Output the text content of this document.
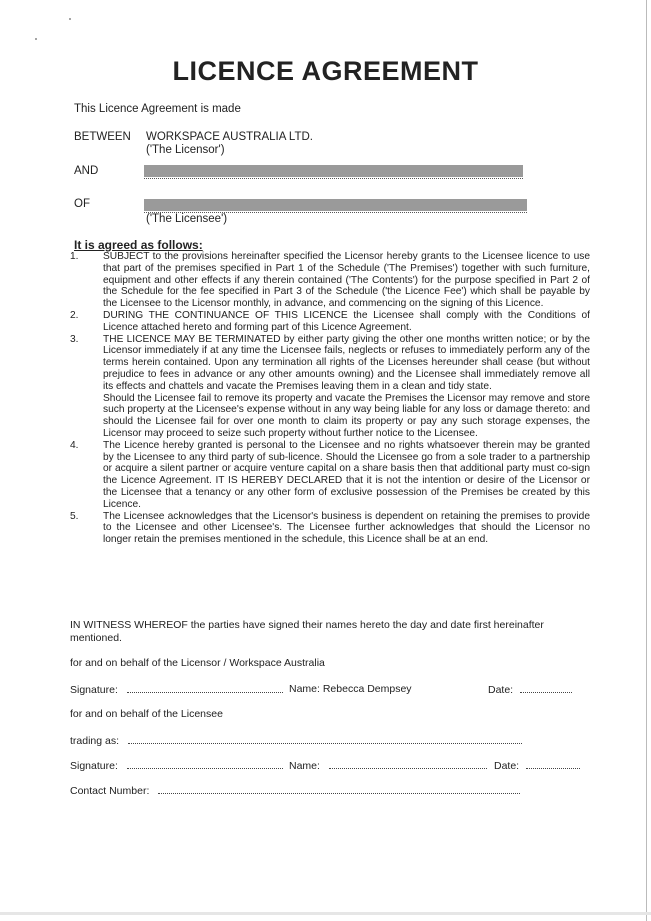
LICENCE AGREEMENT
This Licence Agreement is made
BETWEEN WORKSPACE AUSTRALIA LTD.
('The Licensor')
AND
OF
('The Licensee')
It is agreed as follows:
1. SUBJECT to the provisions hereinafter specified the Licensor hereby grants to the Licensee licence to use that part of the premises specified in Part 1 of the Schedule ('The Premises') together with such furniture, equipment and other effects if any therein contained ('The Contents') for the purpose specified in Part 2 of the Schedule for the fee specified in Part 3 of the Schedule ('the Licence Fee') which shall be payable by the Licensee to the Licensor monthly, in advance, and commencing on the signing of this Licence.

2. DURING THE CONTINUANCE OF THIS LICENCE the Licensee shall comply with the Conditions of Licence attached hereto and forming part of this Licence Agreement.

3. THE LICENCE MAY BE TERMINATED by either party giving the other one months written notice; or by the Licensor immediately if at any time the Licensee fails, neglects or refuses to immediately perform any of the terms herein contained. Upon any termination all rights of the Licenses hereunder shall cease (but without prejudice to fees in advance or any other amounts owning) and the Licensee shall immediately remove all its effects and chattels and vacate the Premises leaving them in a clean and tidy state.

Should the Licensee fail to remove its property and vacate the Premises the Licensor may remove and store such property at the Licensee's expense without in any way being liable for any loss or damage thereto: and should the Licensee fail for over one month to claim its property or pay any such storage expenses, the Licensor may proceed to seize such property without further notice to the Licensee.

4. The Licence hereby granted is personal to the Licensee and no rights whatsoever therein may be granted by the Licensee to any third party of sub-licence. Should the Licensee go from a sole trader to a partnership or acquire a silent partner or acquire venture capital on a share basis then that additional party must co-sign the Licence Agreement. IT IS HEREBY DECLARED that it is not the intention or desire of the Licensor or the Licensee that a tenancy or any other form of exclusive possession of the Premises be created by this Licence.

5. The Licensee acknowledges that the Licensor's business is dependent on retaining the premises to provide to the Licensee and other Licensee's. The Licensee further acknowledges that should the Licensor no longer retain the premises mentioned in the schedule, this Licence shall be at an end.

IN WITNESS WHEREOF the parties have signed their names hereto the day and date first hereinafter mentioned.
for and on behalf of the Licensor / Workspace Australia
Signature:	Name: Rebecca Dempsey	Date:
for and on behalf of the Licensee
trading as:
Signature:	Name:	Date:
Contact Number:
